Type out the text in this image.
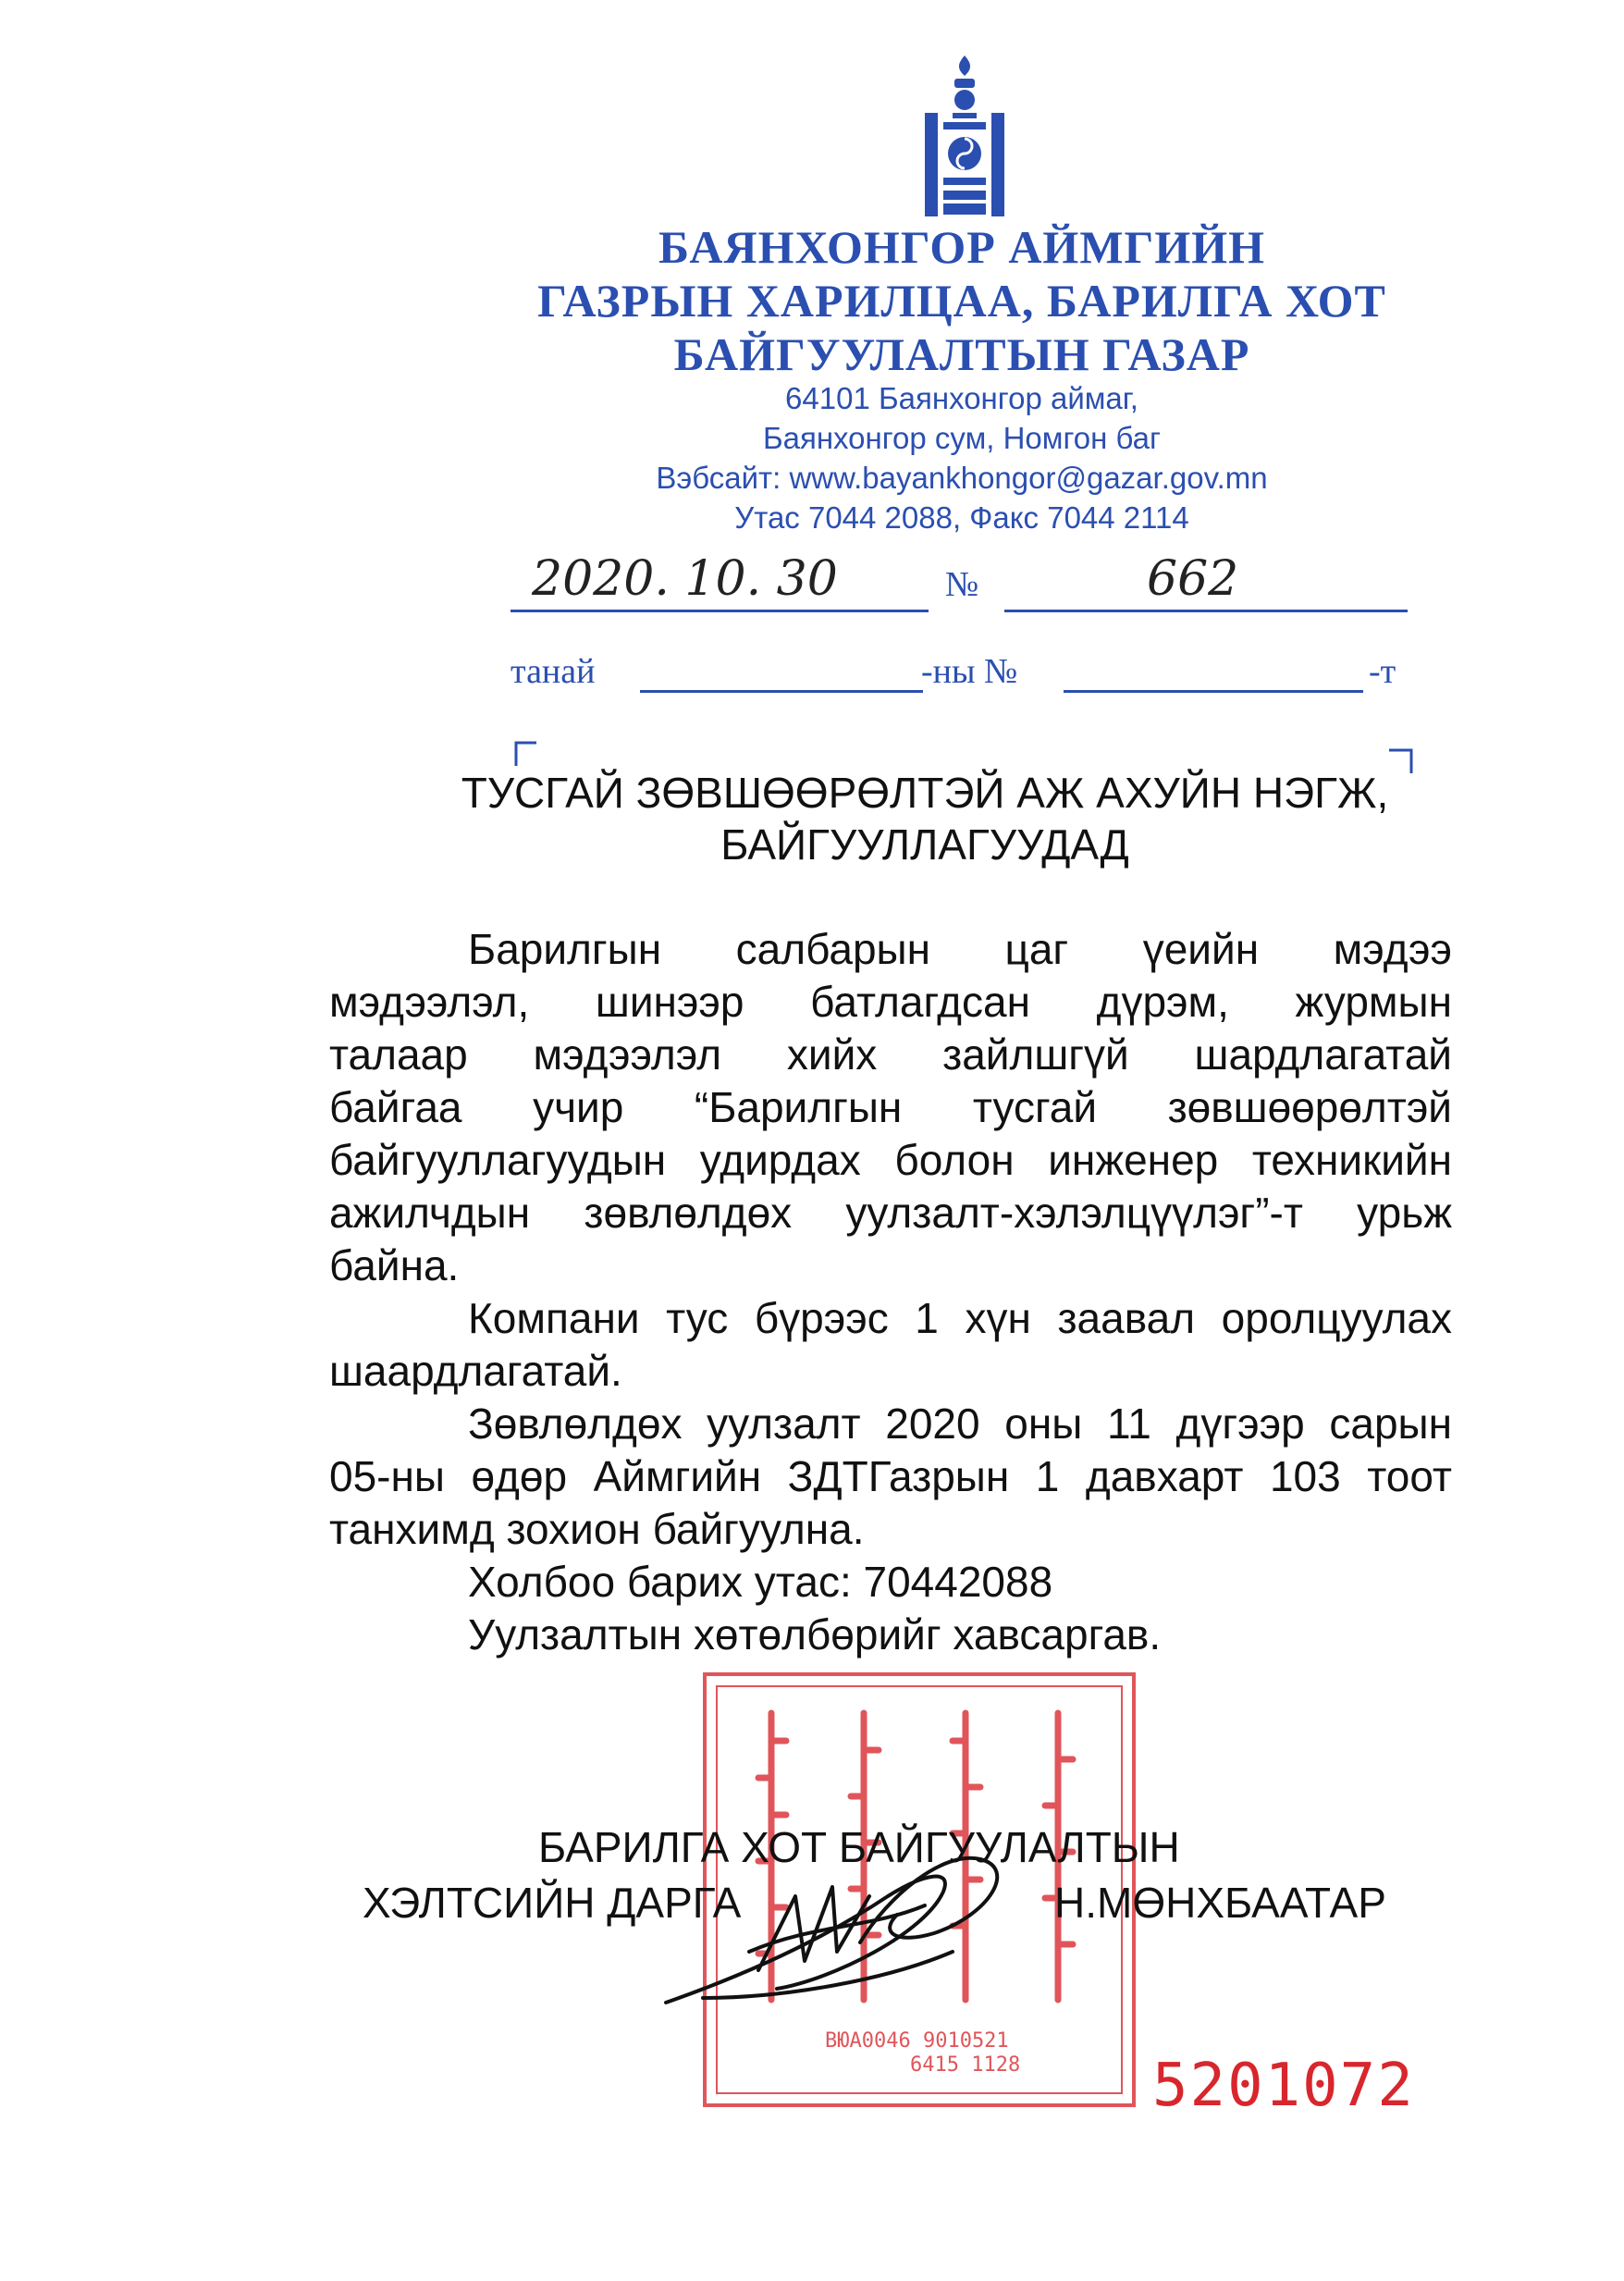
БАЯНХОНГОР АЙМГИЙН
ГАЗРЫН ХАРИЛЦАА, БАРИЛГА ХОТ
БАЙГУУЛАЛТЫН ГАЗАР
64101 Баянхонгор аймаг,
Баянхонгор сум, Номгон баг
Вэбсайт: www.bayankhongor@gazar.gov.mn
Утас 7044 2088, Факс 7044 2114
2020. 10. 30	№	662
танай	-ны №	-т
ТУСГАЙ ЗӨВШӨӨРӨЛТЭЙ АЖ АХУЙН НЭГЖ,
БАЙГУУЛЛАГУУДАД
Барилгын салбарын цаг үеийн мэдээ
мэдээлэл, шинээр батлагдсан дүрэм, журмын
талаар мэдээлэл хийх зайлшгүй шардлагатай
байгаа учир “Барилгын тусгай зөвшөөрөлтэй
байгууллагуудын удирдах болон инженер техникийн
ажилчдын зөвлөлдөх уулзалт-хэлэлцүүлэг”-т урьж
байна.
Компани тус бүрээс 1 хүн заавал оролцуулах
шаардлагатай.
Зөвлөлдөх уулзалт 2020 оны 11 дүгээр сарын
05-ны өдөр Аймгийн ЗДТГазрын 1 давхарт 103 тоот
танхимд зохион байгуулна.
Холбоо барих утас: 70442088
Уулзалтын хөтөлбөрийг хавсаргав.
ВЮА0046 9010521
6415 1128
БАРИЛГА ХОТ БАЙГУУЛАЛТЫН
ХЭЛТСИЙН ДАРГА	Н.МӨНХБААТАР
5201072
